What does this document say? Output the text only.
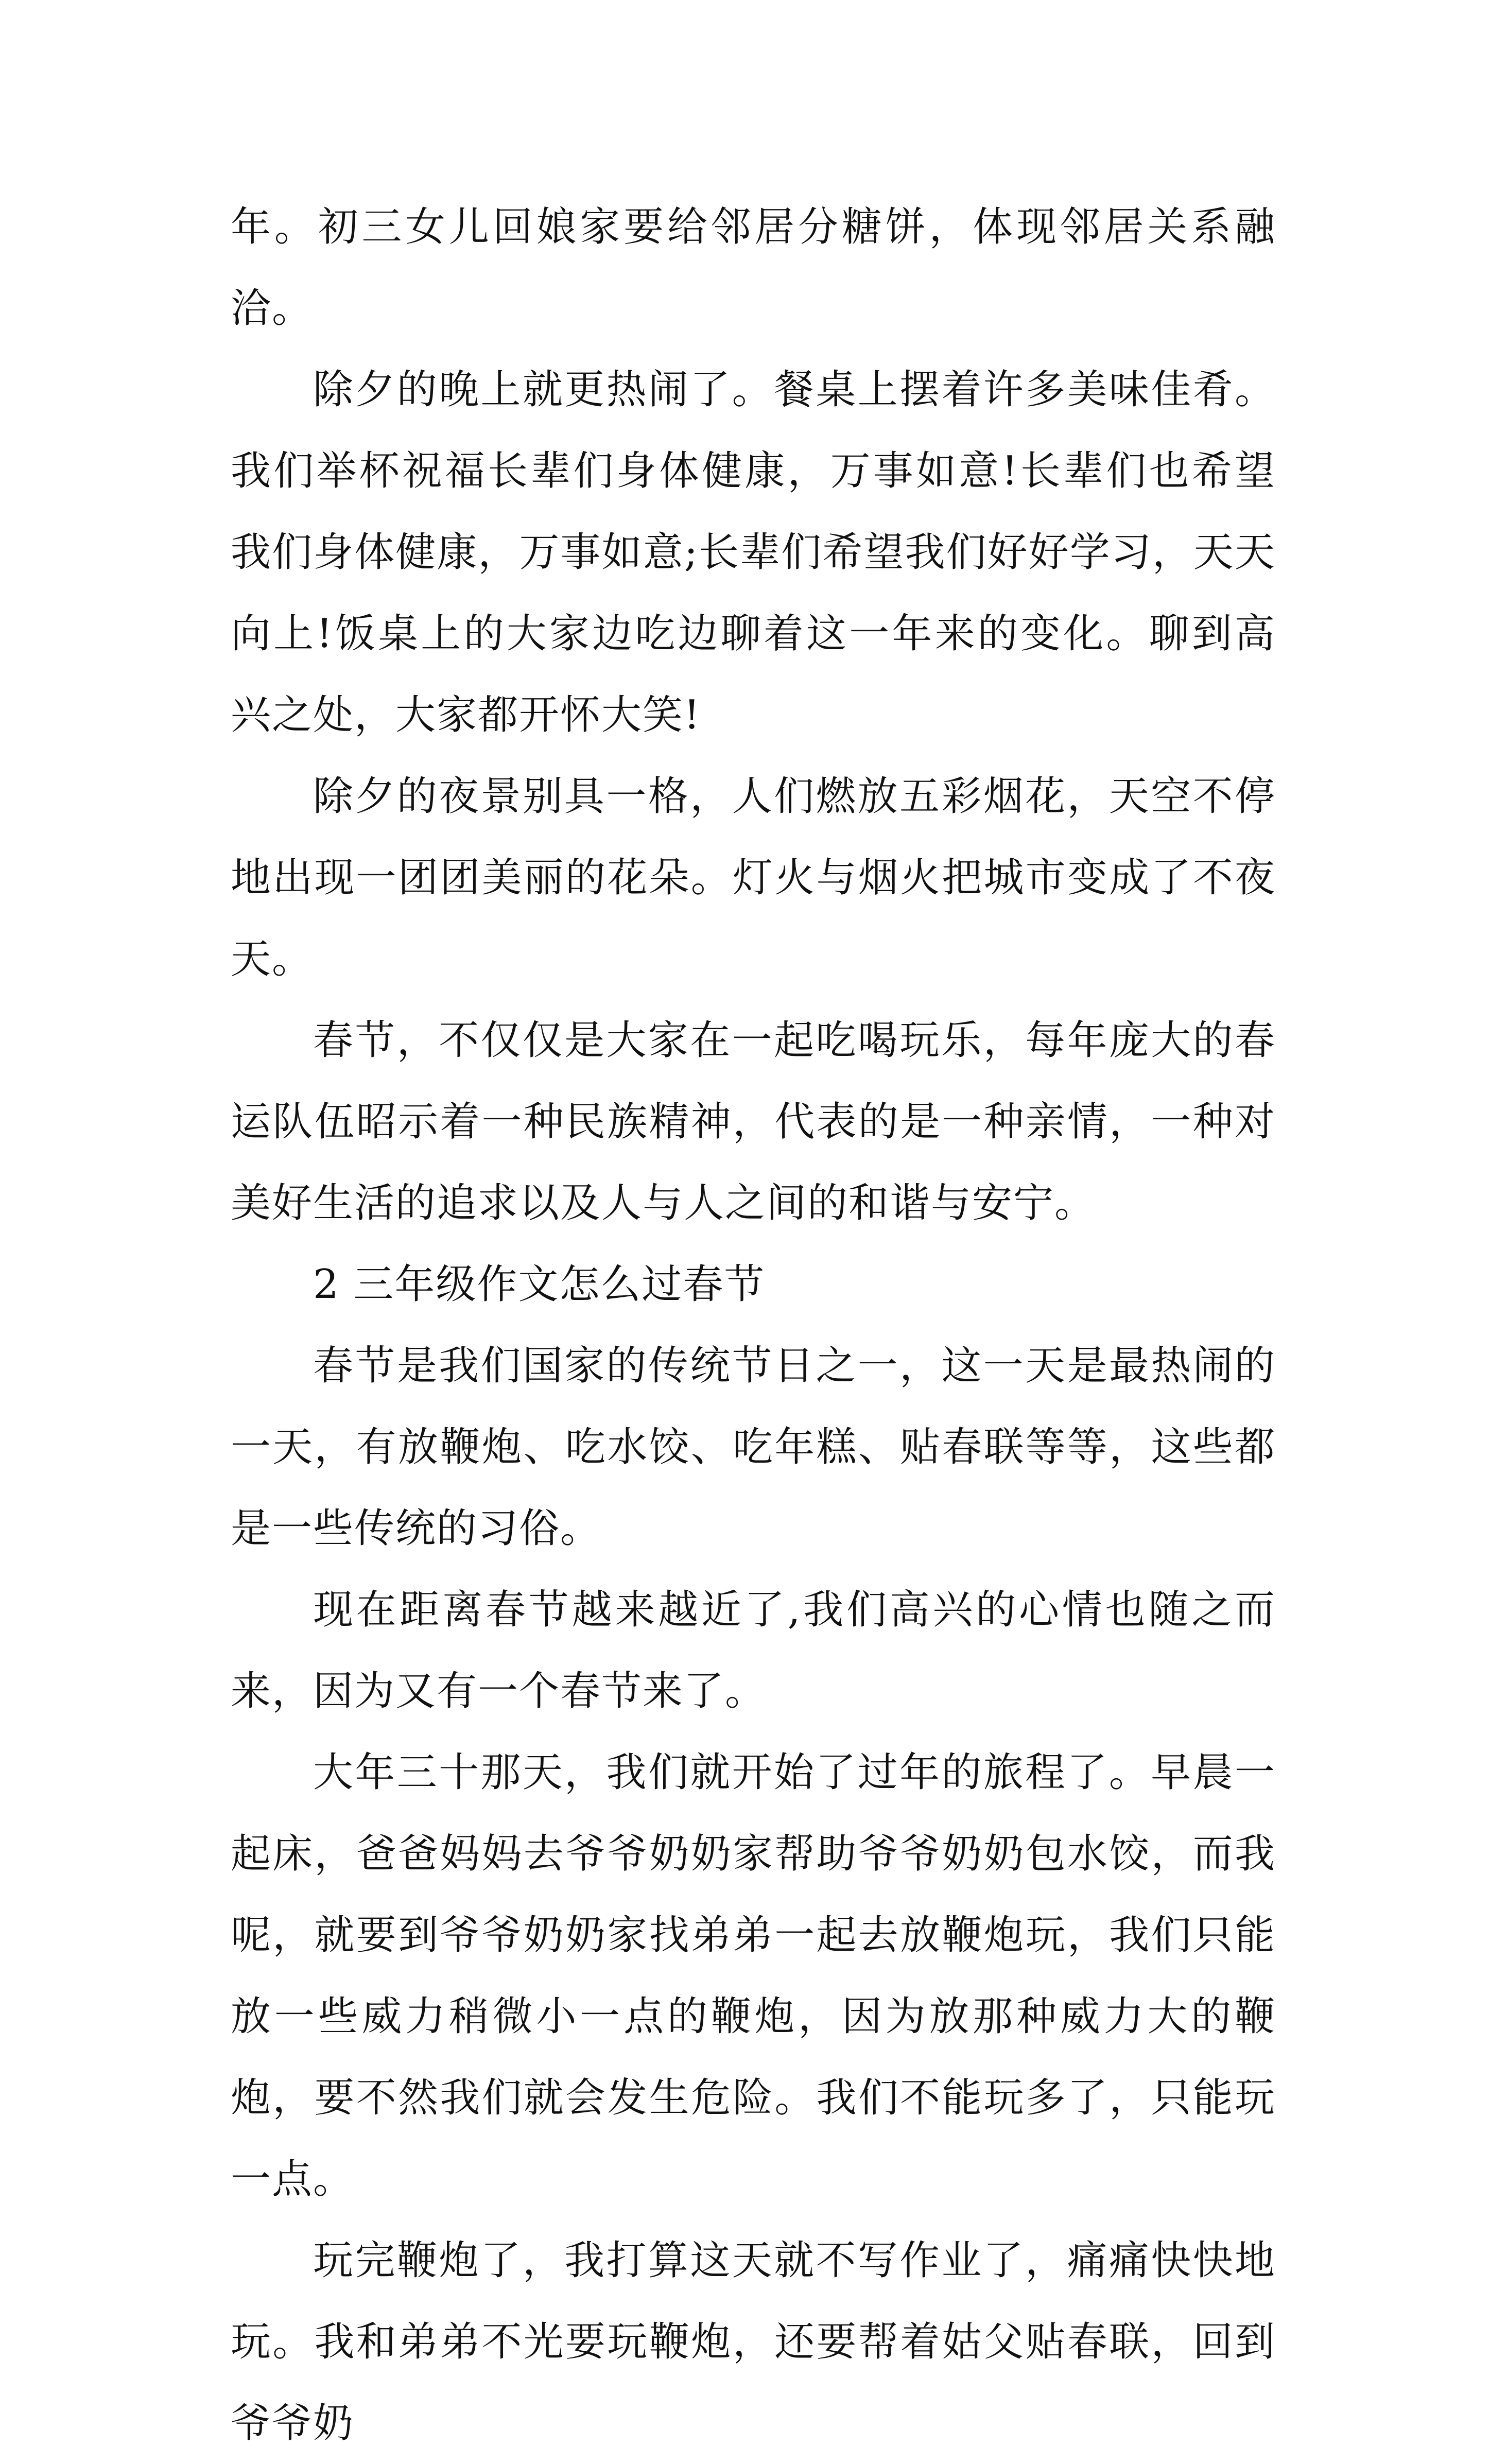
年。初三女儿回娘家要给邻居分糖饼，体现邻居关系融洽。

除夕的晚上就更热闹了。餐桌上摆着许多美味佳肴。我们举杯祝福长辈们身体健康，万事如意!长辈们也希望我们身体健康，万事如意;长辈们希望我们好好学习，天天向上!饭桌上的大家边吃边聊着这一年来的变化。聊到高兴之处，大家都开怀大笑!

除夕的夜景别具一格，人们燃放五彩烟花，天空不停地出现一团团美丽的花朵。灯火与烟火把城市变成了不夜天。

春节，不仅仅是大家在一起吃喝玩乐，每年庞大的春运队伍昭示着一种民族精神，代表的是一种亲情，一种对美好生活的追求以及人与人之间的和谐与安宁。

2 三年级作文怎么过春节

春节是我们国家的传统节日之一，这一天是最热闹的一天，有放鞭炮、吃水饺、吃年糕、贴春联等等，这些都是一些传统的习俗。

现在距离春节越来越近了,我们高兴的心情也随之而来，因为又有一个春节来了。

大年三十那天，我们就开始了过年的旅程了。早晨一起床，爸爸妈妈去爷爷奶奶家帮助爷爷奶奶包水饺，而我呢，就要到爷爷奶奶家找弟弟一起去放鞭炮玩，我们只能放一些威力稍微小一点的鞭炮，因为放那种威力大的鞭炮，要不然我们就会发生危险。我们不能玩多了，只能玩一点。

玩完鞭炮了，我打算这天就不写作业了，痛痛快快地玩。我和弟弟不光要玩鞭炮，还要帮着姑父贴春联，回到爷爷奶
